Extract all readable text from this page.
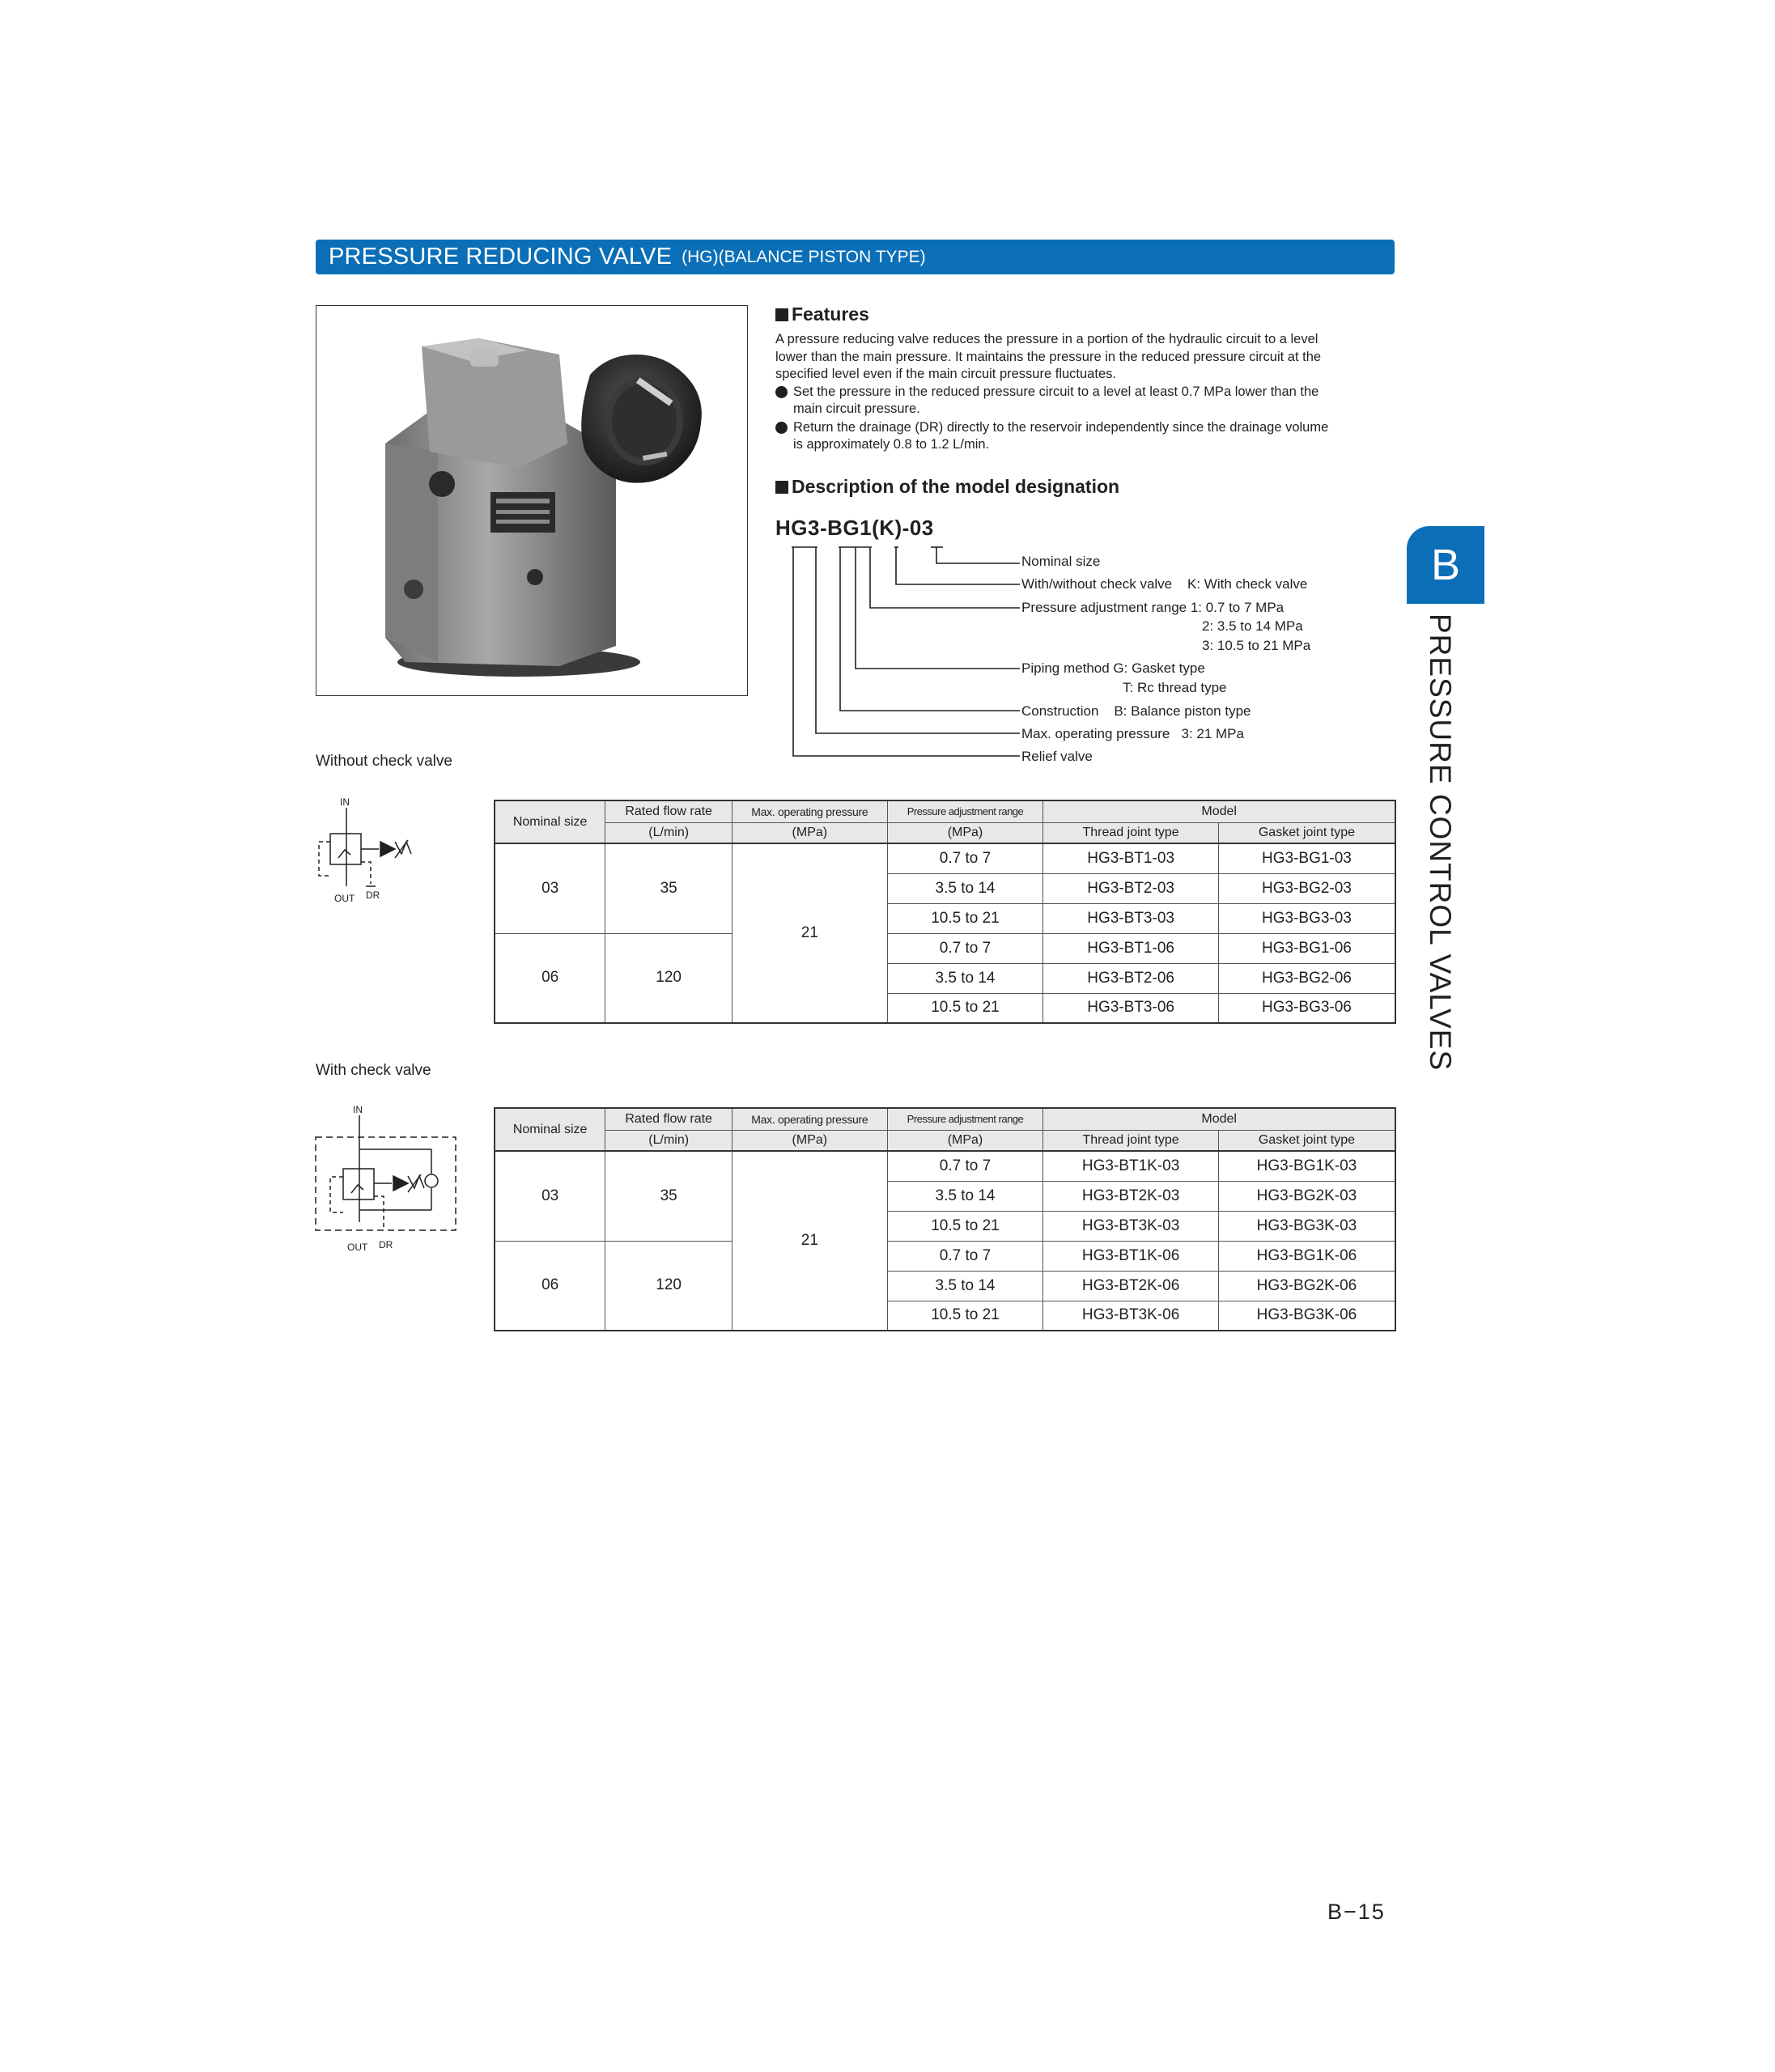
PRESSURE REDUCING VALVE (HG)(BALANCE PISTON TYPE)
Features
A pressure reducing valve reduces the pressure in a portion of the hydraulic circuit to a level
lower than the main pressure. It maintains the pressure in the reduced pressure circuit at the
specified level even if the main circuit pressure fluctuates.
Set the pressure in the reduced pressure circuit to a level at least 0.7 MPa lower than the
main circuit pressure.
Return the drainage (DR) directly to the reservoir independently since the drainage volume
is approximately 0.8 to 1.2 L/min.
Description of the model designation
HG3-BG1(K)-03
Nominal size
With/without check valve    K: With check valve
Pressure adjustment range 1: 0.7 to 7 MPa
2: 3.5 to 14 MPa
3: 10.5 to 21 MPa
Piping method G: Gasket type
T: Rc thread type
Construction    B: Balance piston type
Max. operating pressure   3: 21 MPa
Relief valve
B
PRESSURE CONTROL VALVES
Without check valve
IN
OUT DR
Nominal size	Rated flow rate	Max. operating pressure	Pressure adjustment range	Model	
	(L/min)	(MPa)	(MPa)	Thread joint type	Gasket joint type
03	35	21	0.7 to 7	HG3-BT1-03	HG3-BG1-03
			3.5 to 14	HG3-BT2-03	HG3-BG2-03
			10.5 to 21	HG3-BT3-03	HG3-BG3-03
06	120		0.7 to 7	HG3-BT1-06	HG3-BG1-06
			3.5 to 14	HG3-BT2-06	HG3-BG2-06
			10.5 to 21	HG3-BT3-06	HG3-BG3-06
With check valve
IN
OUT DR
Nominal size	Rated flow rate	Max. operating pressure	Pressure adjustment range	Model	
	(L/min)	(MPa)	(MPa)	Thread joint type	Gasket joint type
03	35	21	0.7 to 7	HG3-BT1K-03	HG3-BG1K-03
			3.5 to 14	HG3-BT2K-03	HG3-BG2K-03
			10.5 to 21	HG3-BT3K-03	HG3-BG3K-03
06	120		0.7 to 7	HG3-BT1K-06	HG3-BG1K-06
			3.5 to 14	HG3-BT2K-06	HG3-BG2K-06
			10.5 to 21	HG3-BT3K-06	HG3-BG3K-06
B−15
